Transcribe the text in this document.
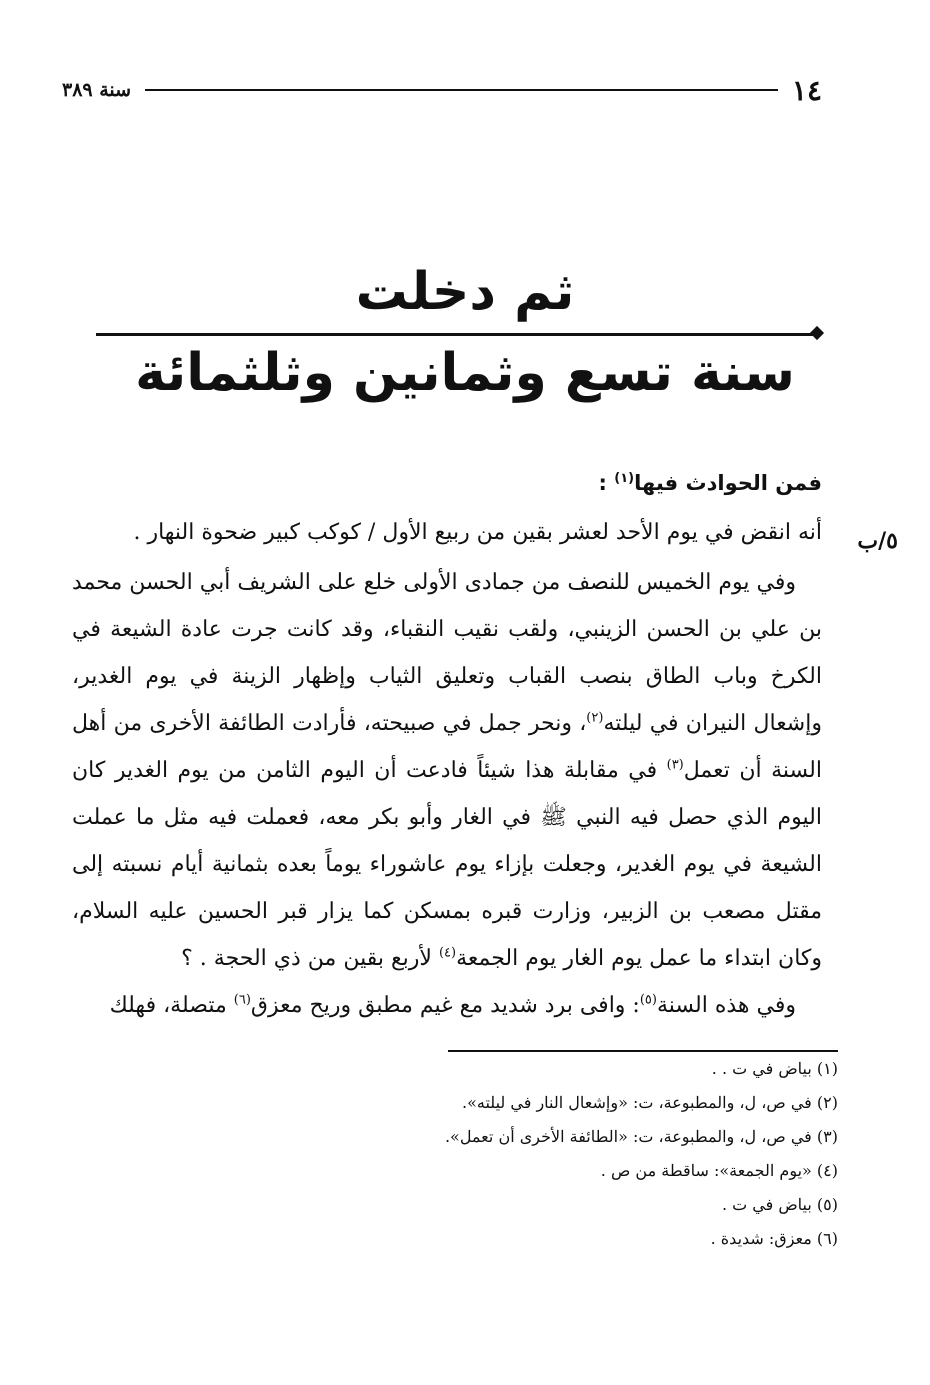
١٤
سنة ٣٨٩
ثم دخلت
سنة تسع وثمانين وثلثمائة
٥/ب

فمن الحوادث فيها$^{(١)}$ :

أنه انقض في يوم الأحد لعشر بقين من ربيع الأول / كوكب كبير ضحوة النهار .

وفي يوم الخميس للنصف من جمادى الأولى خلع على الشريف أبي الحسن محمد بن علي بن الحسن الزينبي، ولقب نقيب النقباء، وقد كانت جرت عادة الشيعة في الكرخ وباب الطاق بنصب القباب وتعليق الثياب وإظهار الزينة في يوم الغدير، وإشعال النيران في ليلته$^{(٢)}$، ونحر جمل في صبيحته، فأرادت الطائفة الأخرى من أهل السنة أن تعمل$^{(٣)}$ في مقابلة هذا شيئاً فادعت أن اليوم الثامن من يوم الغدير كان اليوم الذي حصل فيه النبي ﷺ في الغار وأبو بكر معه، فعملت فيه مثل ما عملت الشيعة في يوم الغدير، وجعلت بإزاء يوم عاشوراء يوماً بعده بثمانية أيام نسبته إلى مقتل مصعب بن الزبير، وزارت قبره بمسكن كما يزار قبر الحسين عليه السلام، وكان ابتداء ما عمل يوم الغار يوم الجمعة$^{(٤)}$ لأربع بقين من ذي الحجة . ؟

وفي هذه السنة$^{(٥)}$: وافى برد شديد مع غيم مطبق وريح معزق$^{(٦)}$ متصلة، فهلك

(١) بياض في ت . .

(٢) في ص، ل، والمطبوعة، ت: «وإشعال النار في ليلته».

(٣) في ص، ل، والمطبوعة، ت: «الطائفة الأخرى أن تعمل».

(٤) «يوم الجمعة»: ساقطة من ص .

(٥) بياض في ت .

(٦) معزق: شديدة .
